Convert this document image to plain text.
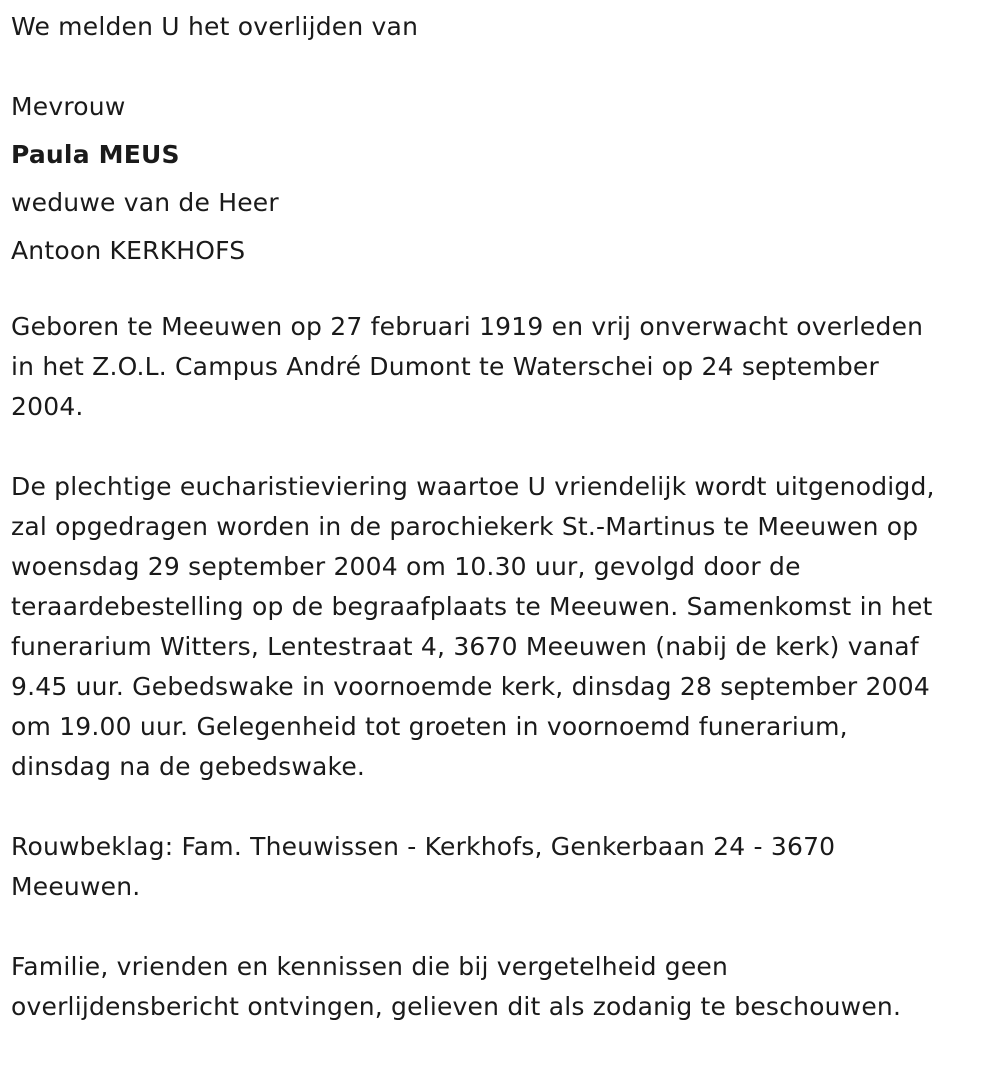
We melden U het overlijden van
Mevrouw
Paula MEUS
weduwe van de Heer
Antoon KERKHOFS
Geboren te Meeuwen op 27 februari 1919 en vrij onverwacht overleden
in het Z.O.L. Campus André Dumont te Waterschei op 24 september
2004.
De plechtige eucharistieviering waartoe U vriendelijk wordt uitgenodigd,
zal opgedragen worden in de parochiekerk St.-Martinus te Meeuwen op
woensdag 29 september 2004 om 10.30 uur, gevolgd door de
teraardebestelling op de begraafplaats te Meeuwen. Samenkomst in het
funerarium Witters, Lentestraat 4, 3670 Meeuwen (nabij de kerk) vanaf
9.45 uur. Gebedswake in voornoemde kerk, dinsdag 28 september 2004
om 19.00 uur. Gelegenheid tot groeten in voornoemd funerarium,
dinsdag na de gebedswake.
Rouwbeklag: Fam. Theuwissen - Kerkhofs, Genkerbaan 24 - 3670
Meeuwen.
Familie, vrienden en kennissen die bij vergetelheid geen
overlijdensbericht ontvingen, gelieven dit als zodanig te beschouwen.
